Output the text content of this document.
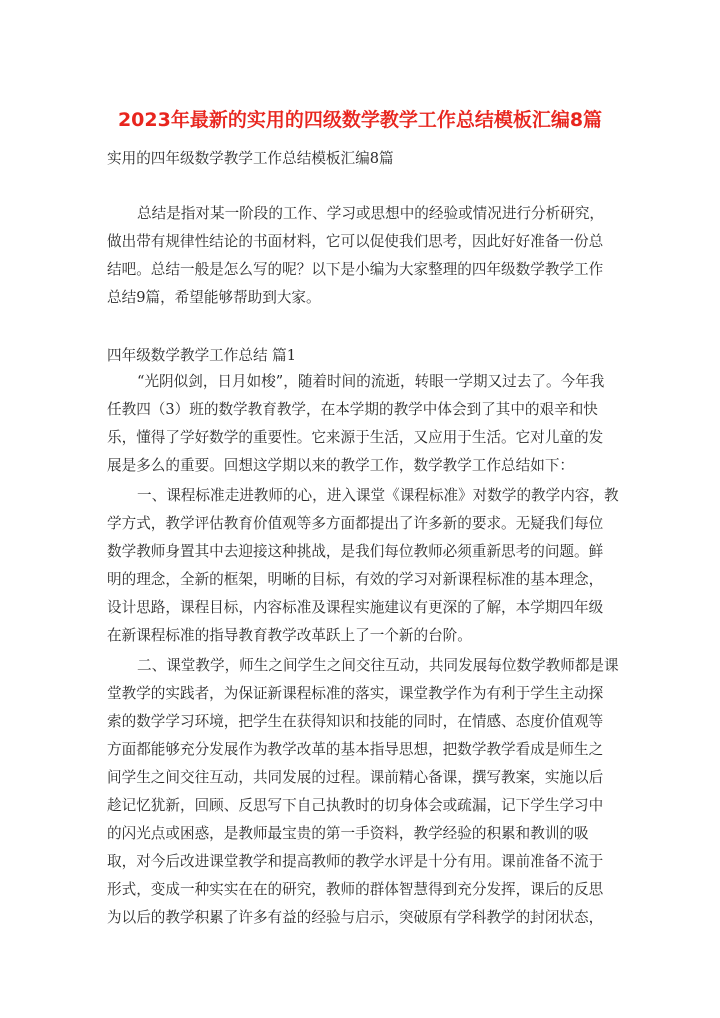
2023年最新的实用的四级数学教学工作总结模板汇编8篇
实用的四年级数学教学工作总结模板汇编8篇
总结是指对某一阶段的工作、学习或思想中的经验或情况进行分析研究，
做出带有规律性结论的书面材料，它可以促使我们思考，因此好好准备一份总
结吧。总结一般是怎么写的呢？以下是小编为大家整理的四年级数学教学工作
总结9篇，希望能够帮助到大家。
四年级数学教学工作总结 篇1
“光阴似剑，日月如梭”，随着时间的流逝，转眼一学期又过去了。今年我
任教四（3）班的数学教育教学，在本学期的教学中体会到了其中的艰辛和快
乐，懂得了学好数学的重要性。它来源于生活，又应用于生活。它对儿童的发
展是多么的重要。回想这学期以来的教学工作，数学教学工作总结如下：
一、课程标准走进教师的心，进入课堂《课程标准》对数学的教学内容，教
学方式，教学评估教育价值观等多方面都提出了许多新的要求。无疑我们每位
数学教师身置其中去迎接这种挑战，是我们每位教师必须重新思考的问题。鲜
明的理念，全新的框架，明晰的目标，有效的学习对新课程标准的基本理念，
设计思路，课程目标，内容标准及课程实施建议有更深的了解，本学期四年级
在新课程标准的指导教育教学改革跃上了一个新的台阶。
二、课堂教学，师生之间学生之间交往互动，共同发展每位数学教师都是课
堂教学的实践者，为保证新课程标准的落实，课堂教学作为有利于学生主动探
索的数学学习环境，把学生在获得知识和技能的同时，在情感、态度价值观等
方面都能够充分发展作为教学改革的基本指导思想，把数学教学看成是师生之
间学生之间交往互动，共同发展的过程。课前精心备课，撰写教案，实施以后
趁记忆犹新，回顾、反思写下自己执教时的切身体会或疏漏，记下学生学习中
的闪光点或困惑，是教师最宝贵的第一手资料，教学经验的积累和教训的吸
取，对今后改进课堂教学和提高教师的教学水评是十分有用。课前准备不流于
形式，变成一种实实在在的研究，教师的群体智慧得到充分发挥，课后的反思
为以后的教学积累了许多有益的经验与启示，突破原有学科教学的封闭状态，
